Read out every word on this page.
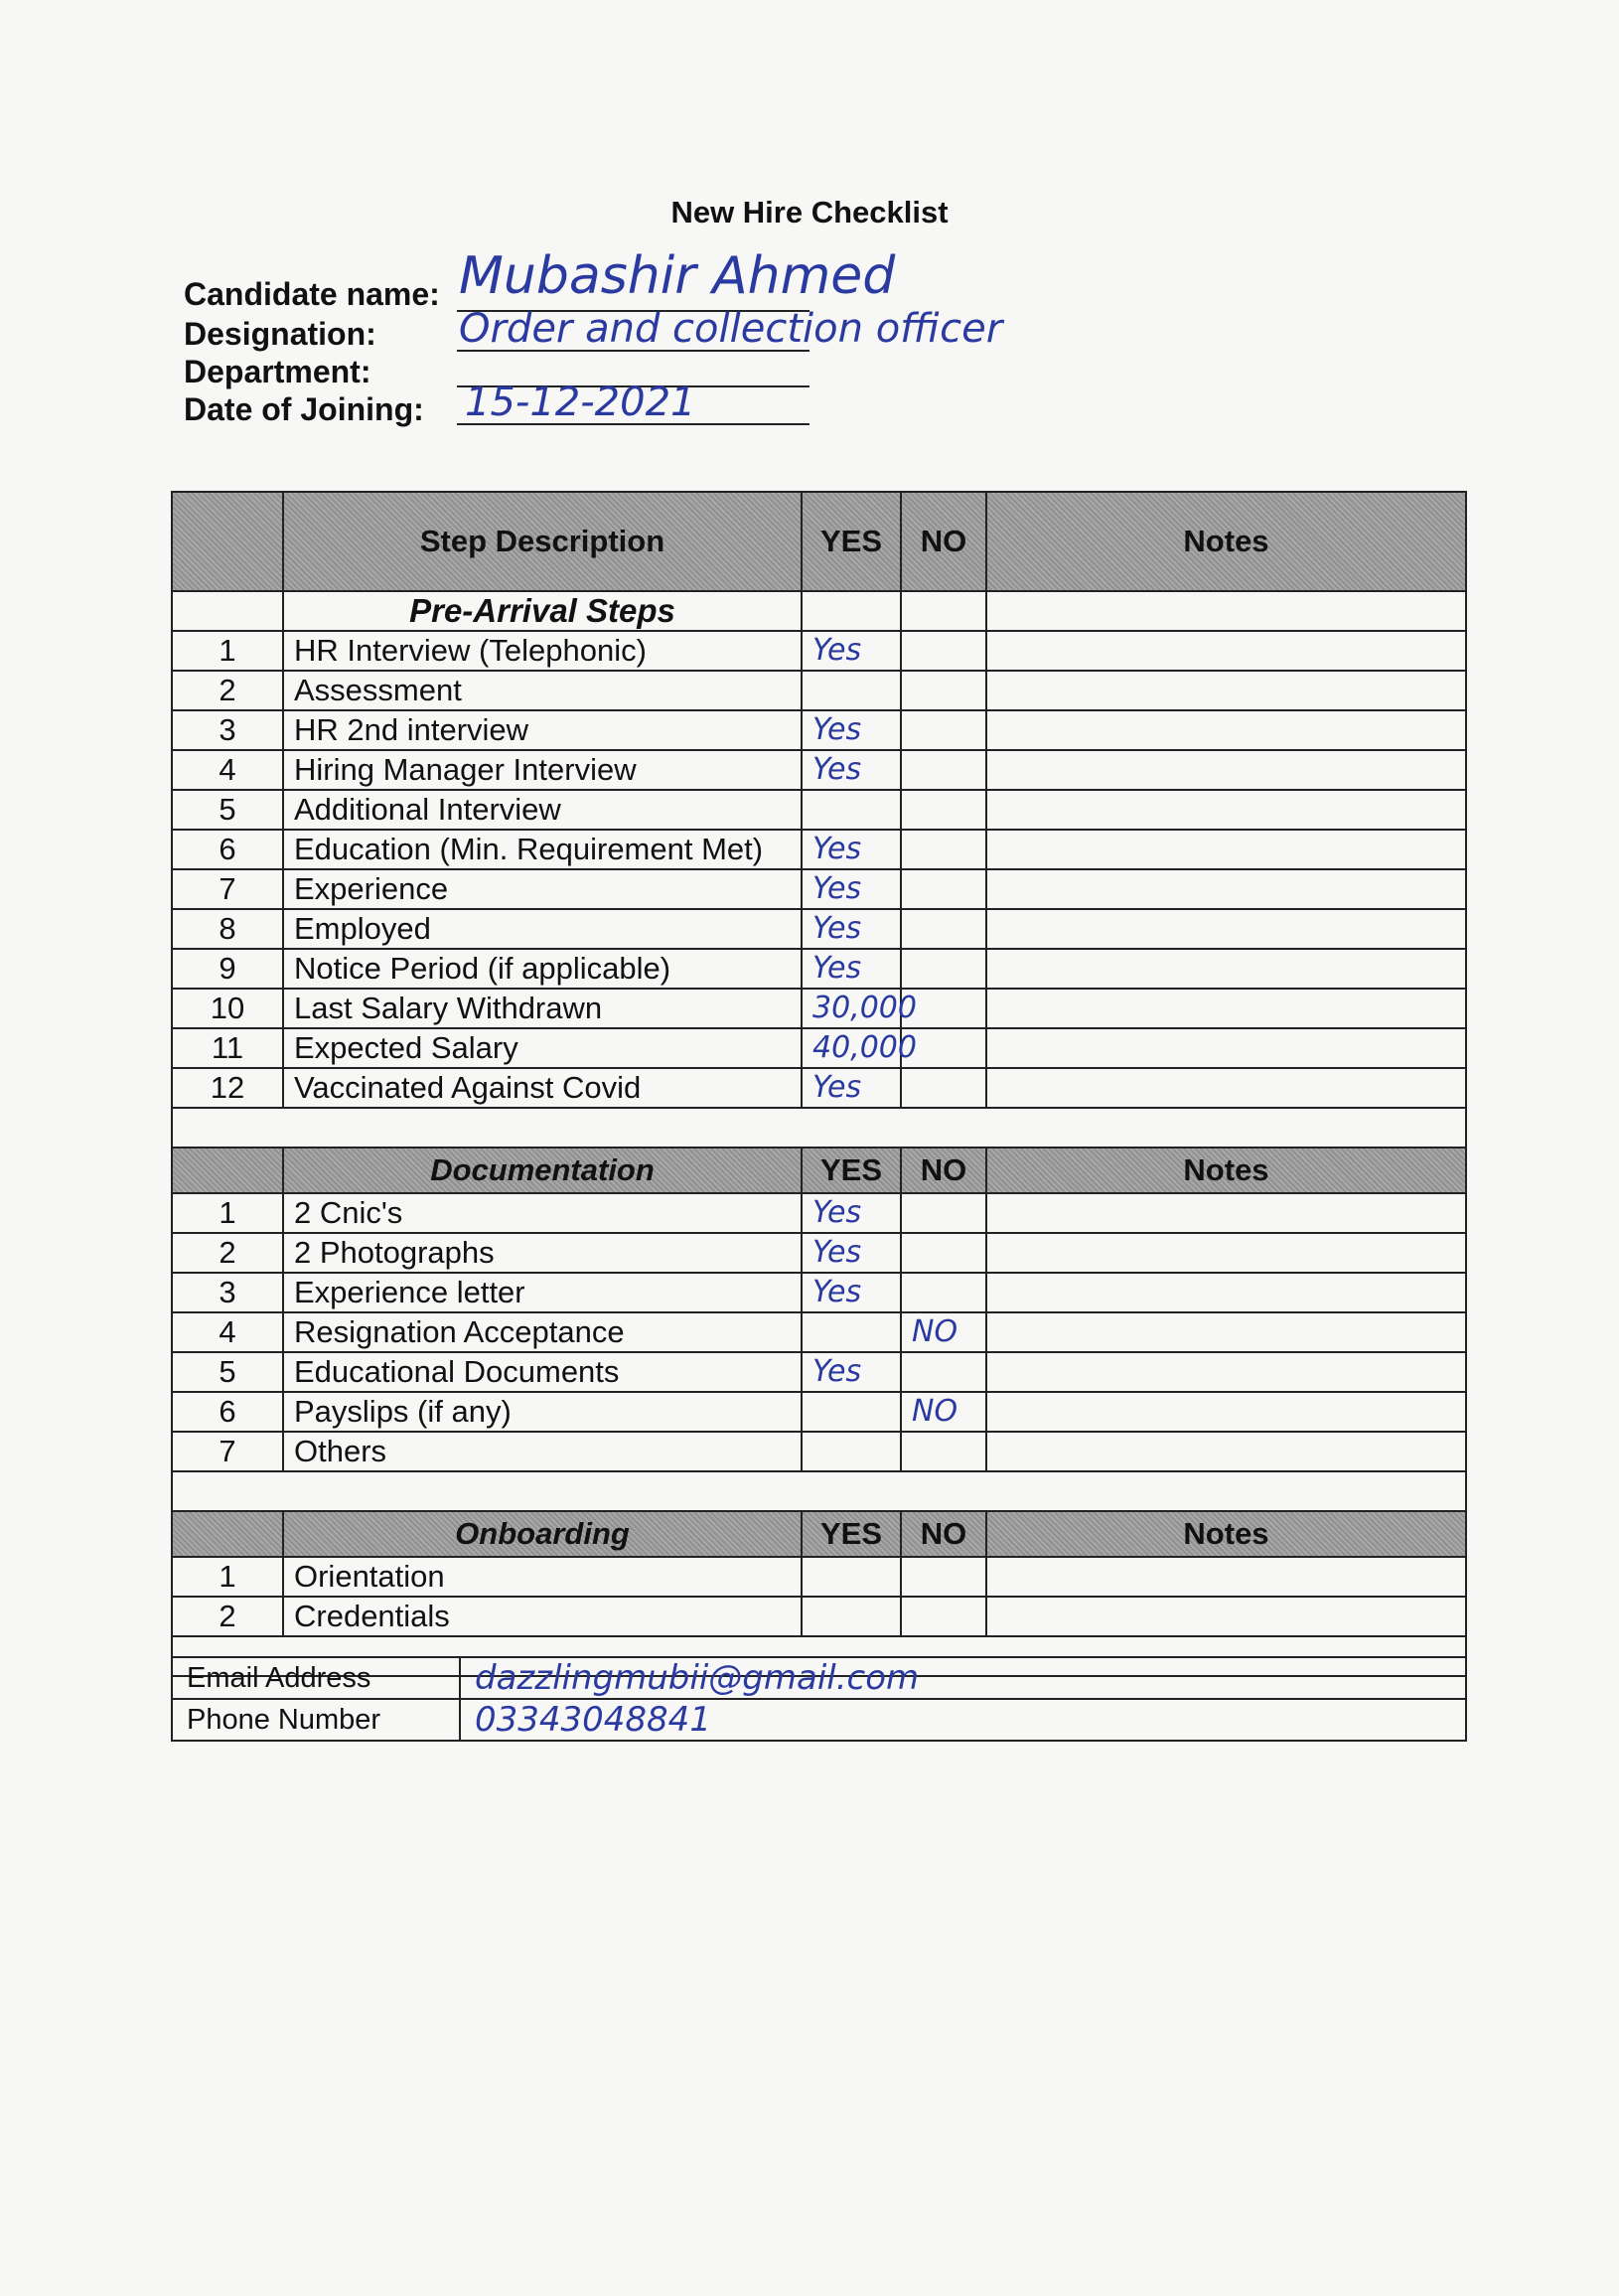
New Hire Checklist
Candidate name: Mubashir Ahmed
Designation: Order and collection officer
Department:
Date of Joining: 15-12-2021
	Step Description	YES	NO	Notes
	Pre-Arrival Steps			
1	HR Interview (Telephonic)	Yes		
2	Assessment			
3	HR 2nd interview	Yes		
4	Hiring Manager Interview	Yes		
5	Additional Interview			
6	Education (Min. Requirement Met)	Yes		
7	Experience	Yes		
8	Employed	Yes		
9	Notice Period (if applicable)	Yes		
10	Last Salary Withdrawn	30,000		
11	Expected Salary	40,000		
12	Vaccinated Against Covid	Yes		

	Documentation	YES	NO	Notes
1	2 Cnic's	Yes		
2	2 Photographs	Yes		
3	Experience letter	Yes		
4	Resignation Acceptance		NO	
5	Educational Documents	Yes		
6	Payslips (if any)		NO	
7	Others			

	Onboarding	YES	NO	Notes
1	Orientation			
2	Credentials			

Email Address	dazzlingmubii@gmail.com
Phone Number	03343048841
